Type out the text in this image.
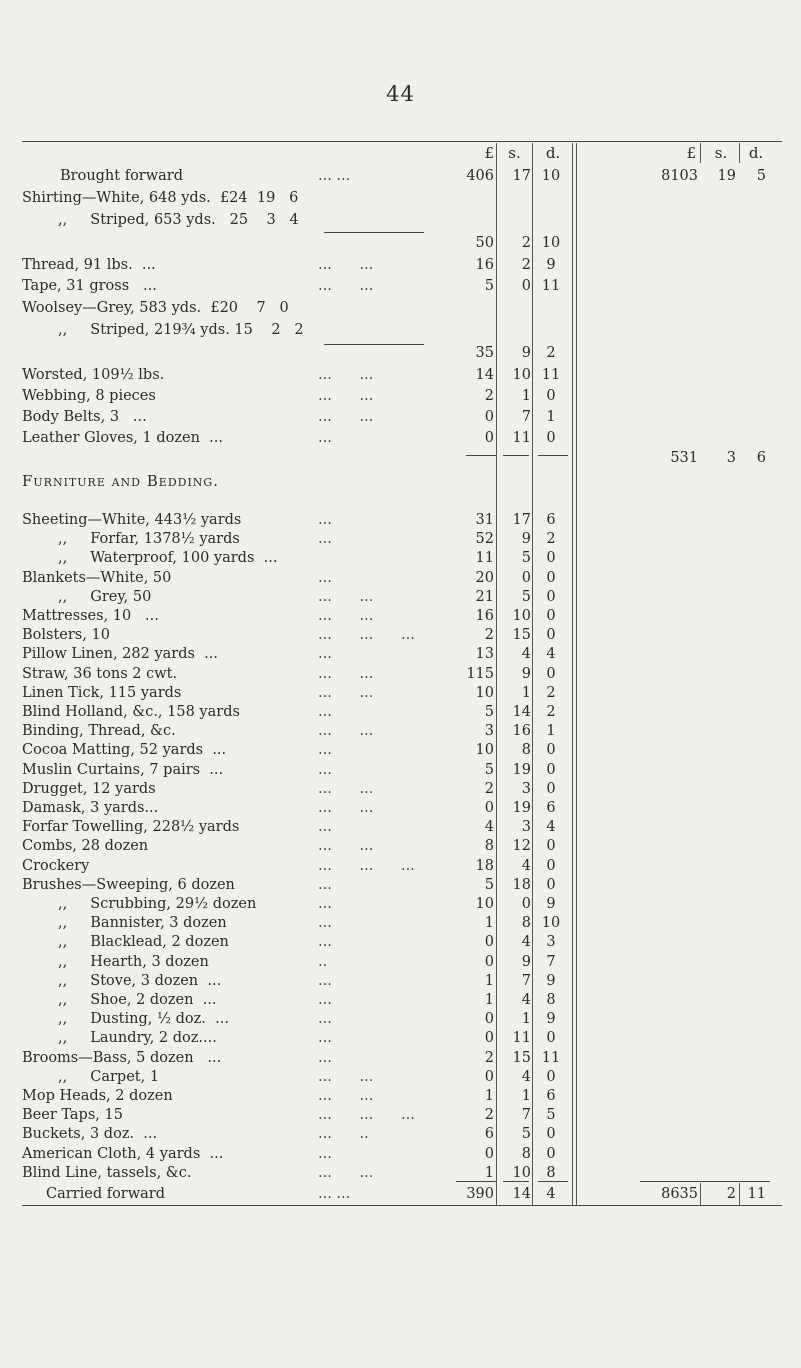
44
£ s.	d.	£	s.	d.
Brought forward	... ...	406	17 10	8103	19	5
Shirting—White, 648 yds.  £24  19   6
,,     Striped, 653 yds.   25    3   4
50	2 10
Thread, 91 lbs.  ...	...      ...	16	2	9
Tape, 31 gross   ...	...      ...	5	0 11
Woolsey—Grey, 583 yds.  £20    7   0
,,     Striped, 219¾ yds. 15    2   2
35	9	2
Worsted, 109½ lbs.	...      ...	14	10 11
Webbing, 8 pieces	...      ...	2	1	0
Body Belts, 3   ...	...      ...	0	7	1
Leather Gloves, 1 dozen  ...	...	0	11	0
531	3	6
Furniture and Bedding.
Sheeting—White, 443½ yards	...	31	17	6
,,     Forfar, 1378½ yards	...	52	9	2
,,     Waterproof, 100 yards  ...	11	5	0
Blankets—White, 50	...	20	0	0
,,     Grey, 50	...      ...	21	5	0
Mattresses, 10   ...	...      ...	16	10	0
Bolsters, 10	...      ...      ...	2	15	0
Pillow Linen, 282 yards  ...	...	13	4	4
Straw, 36 tons 2 cwt.	...      ...	115	9	0
Linen Tick, 115 yards	...      ...	10	1	2
Blind Holland, &c., 158 yards	...	5	14	2
Binding, Thread, &c.	...      ...	3	16	1
Cocoa Matting, 52 yards  ...	...	10	8	0
Muslin Curtains, 7 pairs  ...	...	5	19	0
Drugget, 12 yards	...      ...	2	3	0
Damask, 3 yards...	...      ...	0	19	6
Forfar Towelling, 228½ yards	...	4	3	4
Combs, 28 dozen	...      ...	8	12	0
Crockery	...      ...      ...	18	4	0
Brushes—Sweeping, 6 dozen	...	5	18	0
,,     Scrubbing, 29½ dozen	...	10	0	9
,,     Bannister, 3 dozen	...	1	8 10
,,     Blacklead, 2 dozen	...	0	4	3
,,     Hearth, 3 dozen	..	0	9	7
,,     Stove, 3 dozen  ...	...	1	7	9
,,     Shoe, 2 dozen  ...	...	1	4	8
,,     Dusting, ½ doz.  ...	...	0	1	9
,,     Laundry, 2 doz....	...	0	11	0
Brooms—Bass, 5 dozen   ...	...	2	15 11
,,     Carpet, 1	...      ...	0	4	0
Mop Heads, 2 dozen	...      ...	1	1	6
Beer Taps, 15	...      ...      ...	2	7	5
Buckets, 3 doz.  ...	...      ..	6	5	0
American Cloth, 4 yards  ...	...	0	8	0
Blind Line, tassels, &c.	...      ...	1	10	8
Carried forward	... ...	390	14	4	8635	2 11
